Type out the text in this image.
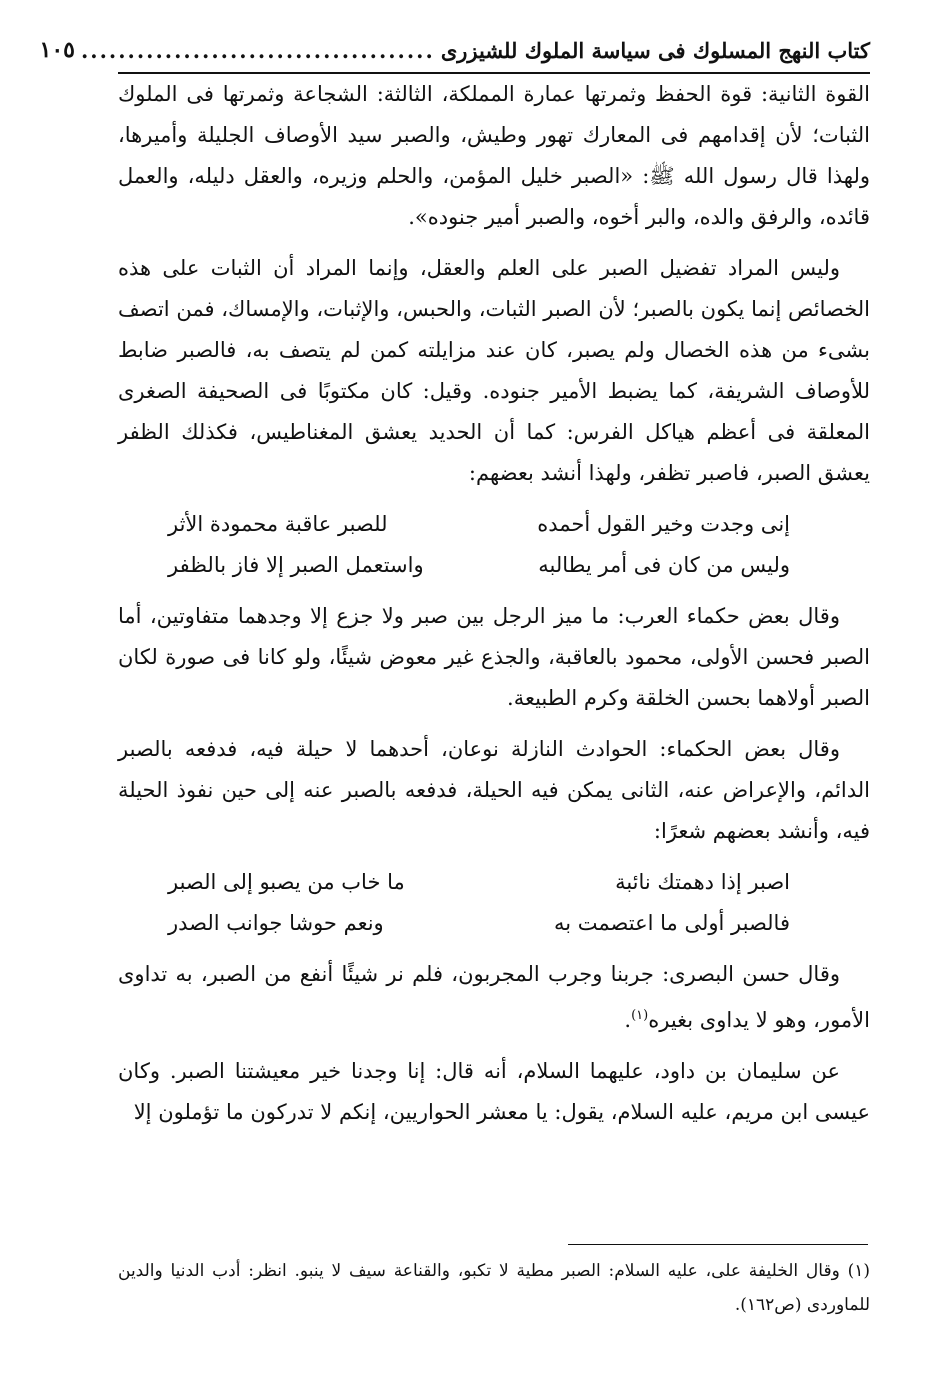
كتاب النهج المسلوك فى سياسة الملوك للشيزرى
......................................
١٠٥

القوة الثانية: قوة الحفظ وثمرتها عمارة المملكة، الثالثة: الشجاعة وثمرتها فى الملوك الثبات؛ لأن إقدامهم فى المعارك تهور وطيش، والصبر سيد الأوصاف الجليلة وأميرها، ولهذا قال رسول الله ﷺ: «الصبر خليل المؤمن، والحلم وزيره، والعقل دليله، والعمل قائده، والرفق والده، والبر أخوه، والصبر أمير جنوده».

وليس المراد تفضيل الصبر على العلم والعقل، وإنما المراد أن الثبات على هذه الخصائص إنما يكون بالصبر؛ لأن الصبر الثبات، والحبس، والإثبات، والإمساك، فمن اتصف بشىء من هذه الخصال ولم يصبر، كان عند مزايلته كمن لم يتصف به، فالصبر ضابط للأوصاف الشريفة، كما يضبط الأمير جنوده. وقيل: كان مكتوبًا فى الصحيفة الصغرى المعلقة فى أعظم هياكل الفرس: كما أن الحديد يعشق المغناطيس، فكذلك الظفر يعشق الصبر، فاصبر تظفر، ولهذا أنشد بعضهم:

إنى وجدت وخير القول أحمده
للصبر عاقبة محمودة الأثر
وليس من كان فى أمر يطالبه
واستعمل الصبر إلا فاز بالظفر

وقال بعض حكماء العرب: ما ميز الرجل بين صبر ولا جزع إلا وجدهما متفاوتين، أما الصبر فحسن الأولى، محمود بالعاقبة، والجذع غير معوض شيئًا، ولو كانا فى صورة لكان الصبر أولاهما بحسن الخلقة وكرم الطبيعة.

وقال بعض الحكماء: الحوادث النازلة نوعان، أحدهما لا حيلة فيه، فدفعه بالصبر الدائم، والإعراض عنه، الثانى يمكن فيه الحيلة، فدفعه بالصبر عنه إلى حين نفوذ الحيلة فيه، وأنشد بعضهم شعرًا:

اصبر إذا دهمتك نائبة
ما خاب من يصبو إلى الصبر
فالصبر أولى ما اعتصمت به
ونعم حوشا جوانب الصدر

وقال حسن البصرى: جربنا وجرب المجربون، فلم نر شيئًا أنفع من الصبر، به تداوى الأمور، وهو لا يداوى بغيره$^{(١)}$.

عن سليمان بن داود، عليهما السلام، أنه قال: إنا وجدنا خير معيشتنا الصبر. وكان عيسى ابن مريم، عليه السلام، يقول: يا معشر الحواريين، إنكم لا تدركون ما تؤملون إلا

(١) وقال الخليفة على، عليه السلام: الصبر مطية لا تكبو، والقناعة سيف لا ينبو. انظر: أدب الدنيا والدين للماوردى (ص١٦٢).
